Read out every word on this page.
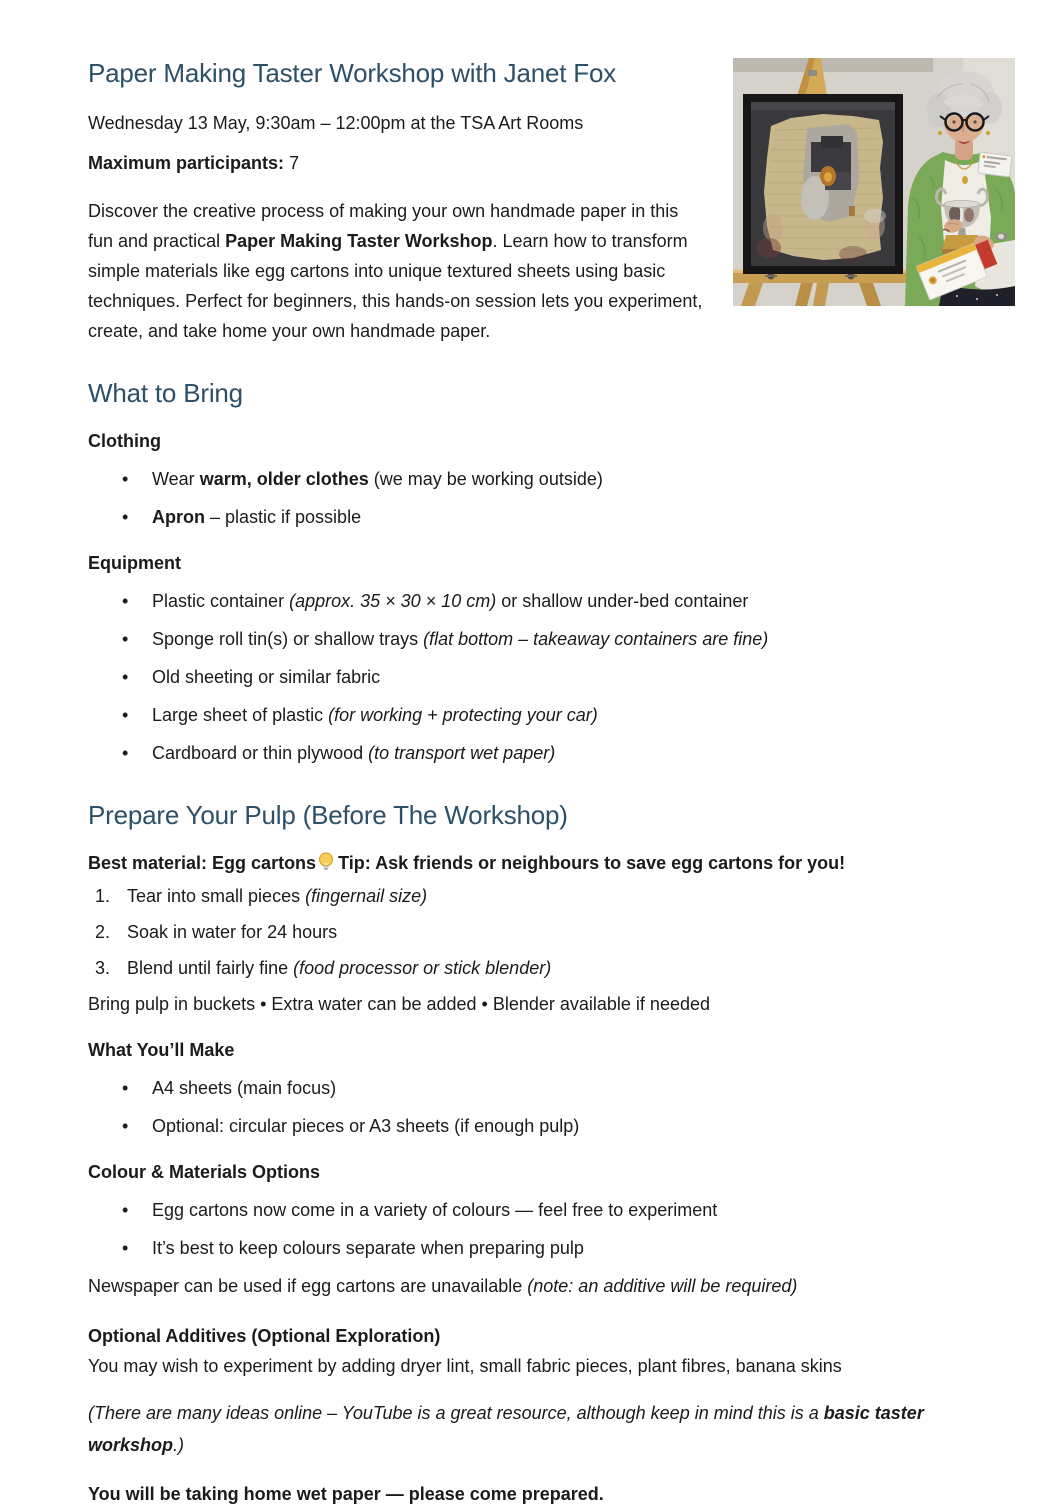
Paper Making Taster Workshop with Janet Fox

Wednesday 13 May, 9:30am – 12:00pm at the TSA Art Rooms

Maximum participants: 7

Discover the creative process of making your own handmade paper in this fun and practical Paper Making Taster Workshop. Learn how to transform simple materials like egg cartons into unique textured sheets using basic techniques. Perfect for beginners, this hands-on session lets you experiment, create, and take home your own handmade paper.

What to Bring

Clothing

• Wear warm, older clothes (we may be working outside)
• Apron – plastic if possible

Equipment

• Plastic container (approx. 35 × 30 × 10 cm) or shallow under-bed container
• Sponge roll tin(s) or shallow trays (flat bottom – takeaway containers are fine)
• Old sheeting or similar fabric
• Large sheet of plastic (for working + protecting your car)
• Cardboard or thin plywood (to transport wet paper)
Prepare Your Pulp (Before The Workshop)

Best material: Egg cartons Tip: Ask friends or neighbours to save egg cartons for you!

1. Tear into small pieces (fingernail size)
2. Soak in water for 24 hours
3. Blend until fairly fine (food processor or stick blender)

Bring pulp in buckets • Extra water can be added • Blender available if needed

What You’ll Make

• A4 sheets (main focus)
• Optional: circular pieces or A3 sheets (if enough pulp)

Colour & Materials Options

• Egg cartons now come in a variety of colours — feel free to experiment
• It’s best to keep colours separate when preparing pulp

Newspaper can be used if egg cartons are unavailable (note: an additive will be required)

Optional Additives (Optional Exploration)

You may wish to experiment by adding dryer lint, small fabric pieces, plant fibres, banana skins

(There are many ideas online – YouTube is a great resource, although keep in mind this is a basic taster workshop.)

You will be taking home wet paper — please come prepared.
